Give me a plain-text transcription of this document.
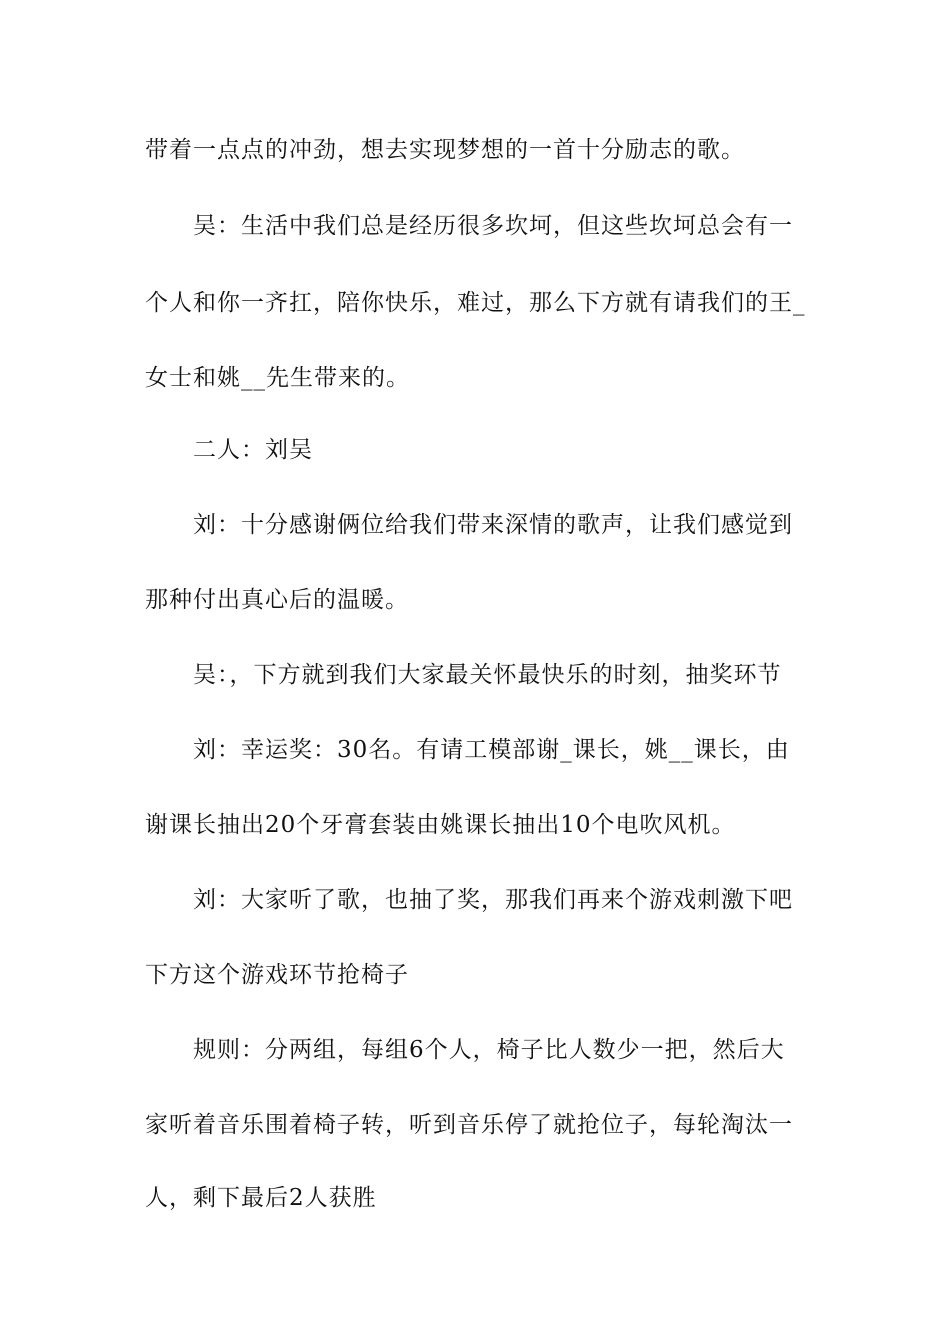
带着一点点的冲劲，想去实现梦想的一首十分励志的歌。
吴：生活中我们总是经历很多坎坷，但这些坎坷总会有一
个人和你一齐扛，陪你快乐，难过，那么下方就有请我们的王_
女士和姚__先生带来的。
二人：刘吴
刘：十分感谢俩位给我们带来深情的歌声，让我们感觉到
那种付出真心后的温暖。
吴：，下方就到我们大家最关怀最快乐的时刻，抽奖环节
刘：幸运奖：30名。有请工模部谢_课长，姚__课长，由
谢课长抽出20个牙膏套装由姚课长抽出10个电吹风机。
刘：大家听了歌，也抽了奖，那我们再来个游戏刺激下吧
下方这个游戏环节抢椅子
规则：分两组，每组6个人，椅子比人数少一把，然后大
家听着音乐围着椅子转，听到音乐停了就抢位子，每轮淘汰一
人，剩下最后2人获胜
